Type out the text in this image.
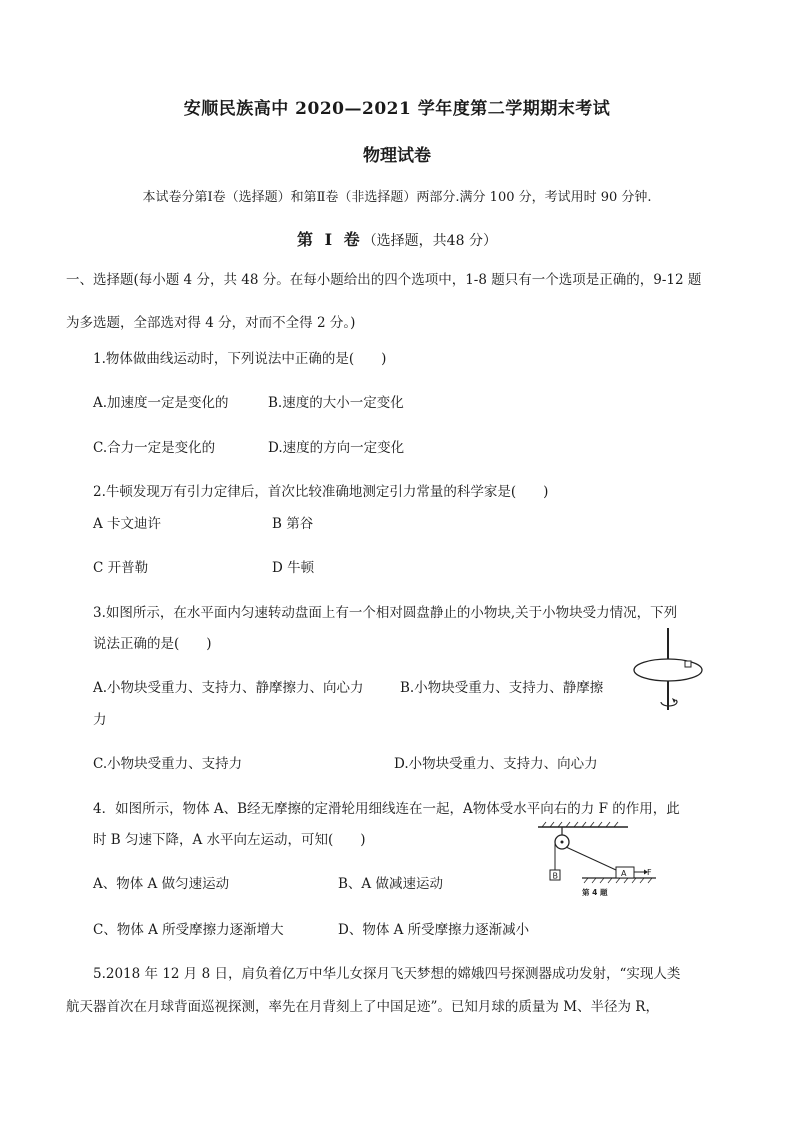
安顺民族高中 2020—2021 学年度第二学期期末考试
物理试卷
本试卷分第Ⅰ卷（选择题）和第Ⅱ卷（非选择题）两部分.满分 100 分，考试用时 90 分钟.
第 Ⅰ 卷（选择题，共48 分）
一、选择题(每小题 4 分，共 48 分。在每小题给出的四个选项中，1-8 题只有一个选项是正确的，9-12 题
为多选题，全部选对得 4 分，对而不全得 2 分。)
1.物体做曲线运动时，下列说法中正确的是(　　)
A.加速度一定是变化的	B.速度的大小一定变化
C.合力一定是变化的	D.速度的方向一定变化
2.牛顿发现万有引力定律后，首次比较准确地测定引力常量的科学家是(　　)
A 卡文迪许	B 第谷
C 开普勒	D 牛顿
3.如图所示，在水平面内匀速转动盘面上有一个相对圆盘静止的小物块,关于小物块受力情况，下列
说法正确的是(　　)
A.小物块受重力、支持力、静摩擦力、向心力	B.小物块受重力、支持力、静摩擦
力
C.小物块受重力、支持力	D.小物块受重力、支持力、向心力
4．如图所示，物体 A、B经无摩擦的定滑轮用细线连在一起，A物体受水平向右的力 F 的作用，此
时 B 匀速下降，A 水平向左运动，可知(　　)
A、物体 A 做匀速运动	B、A 做减速运动
C、物体 A 所受摩擦力逐渐增大	D、物体 A 所受摩擦力逐渐减小
B	A	F
第 4 题
5.2018 年 12 月 8 日，肩负着亿万中华儿女探月飞天梦想的嫦娥四号探测器成功发射，“实现人类
航天器首次在月球背面巡视探测，率先在月背刻上了中国足迹”。已知月球的质量为 M、半径为 R，
